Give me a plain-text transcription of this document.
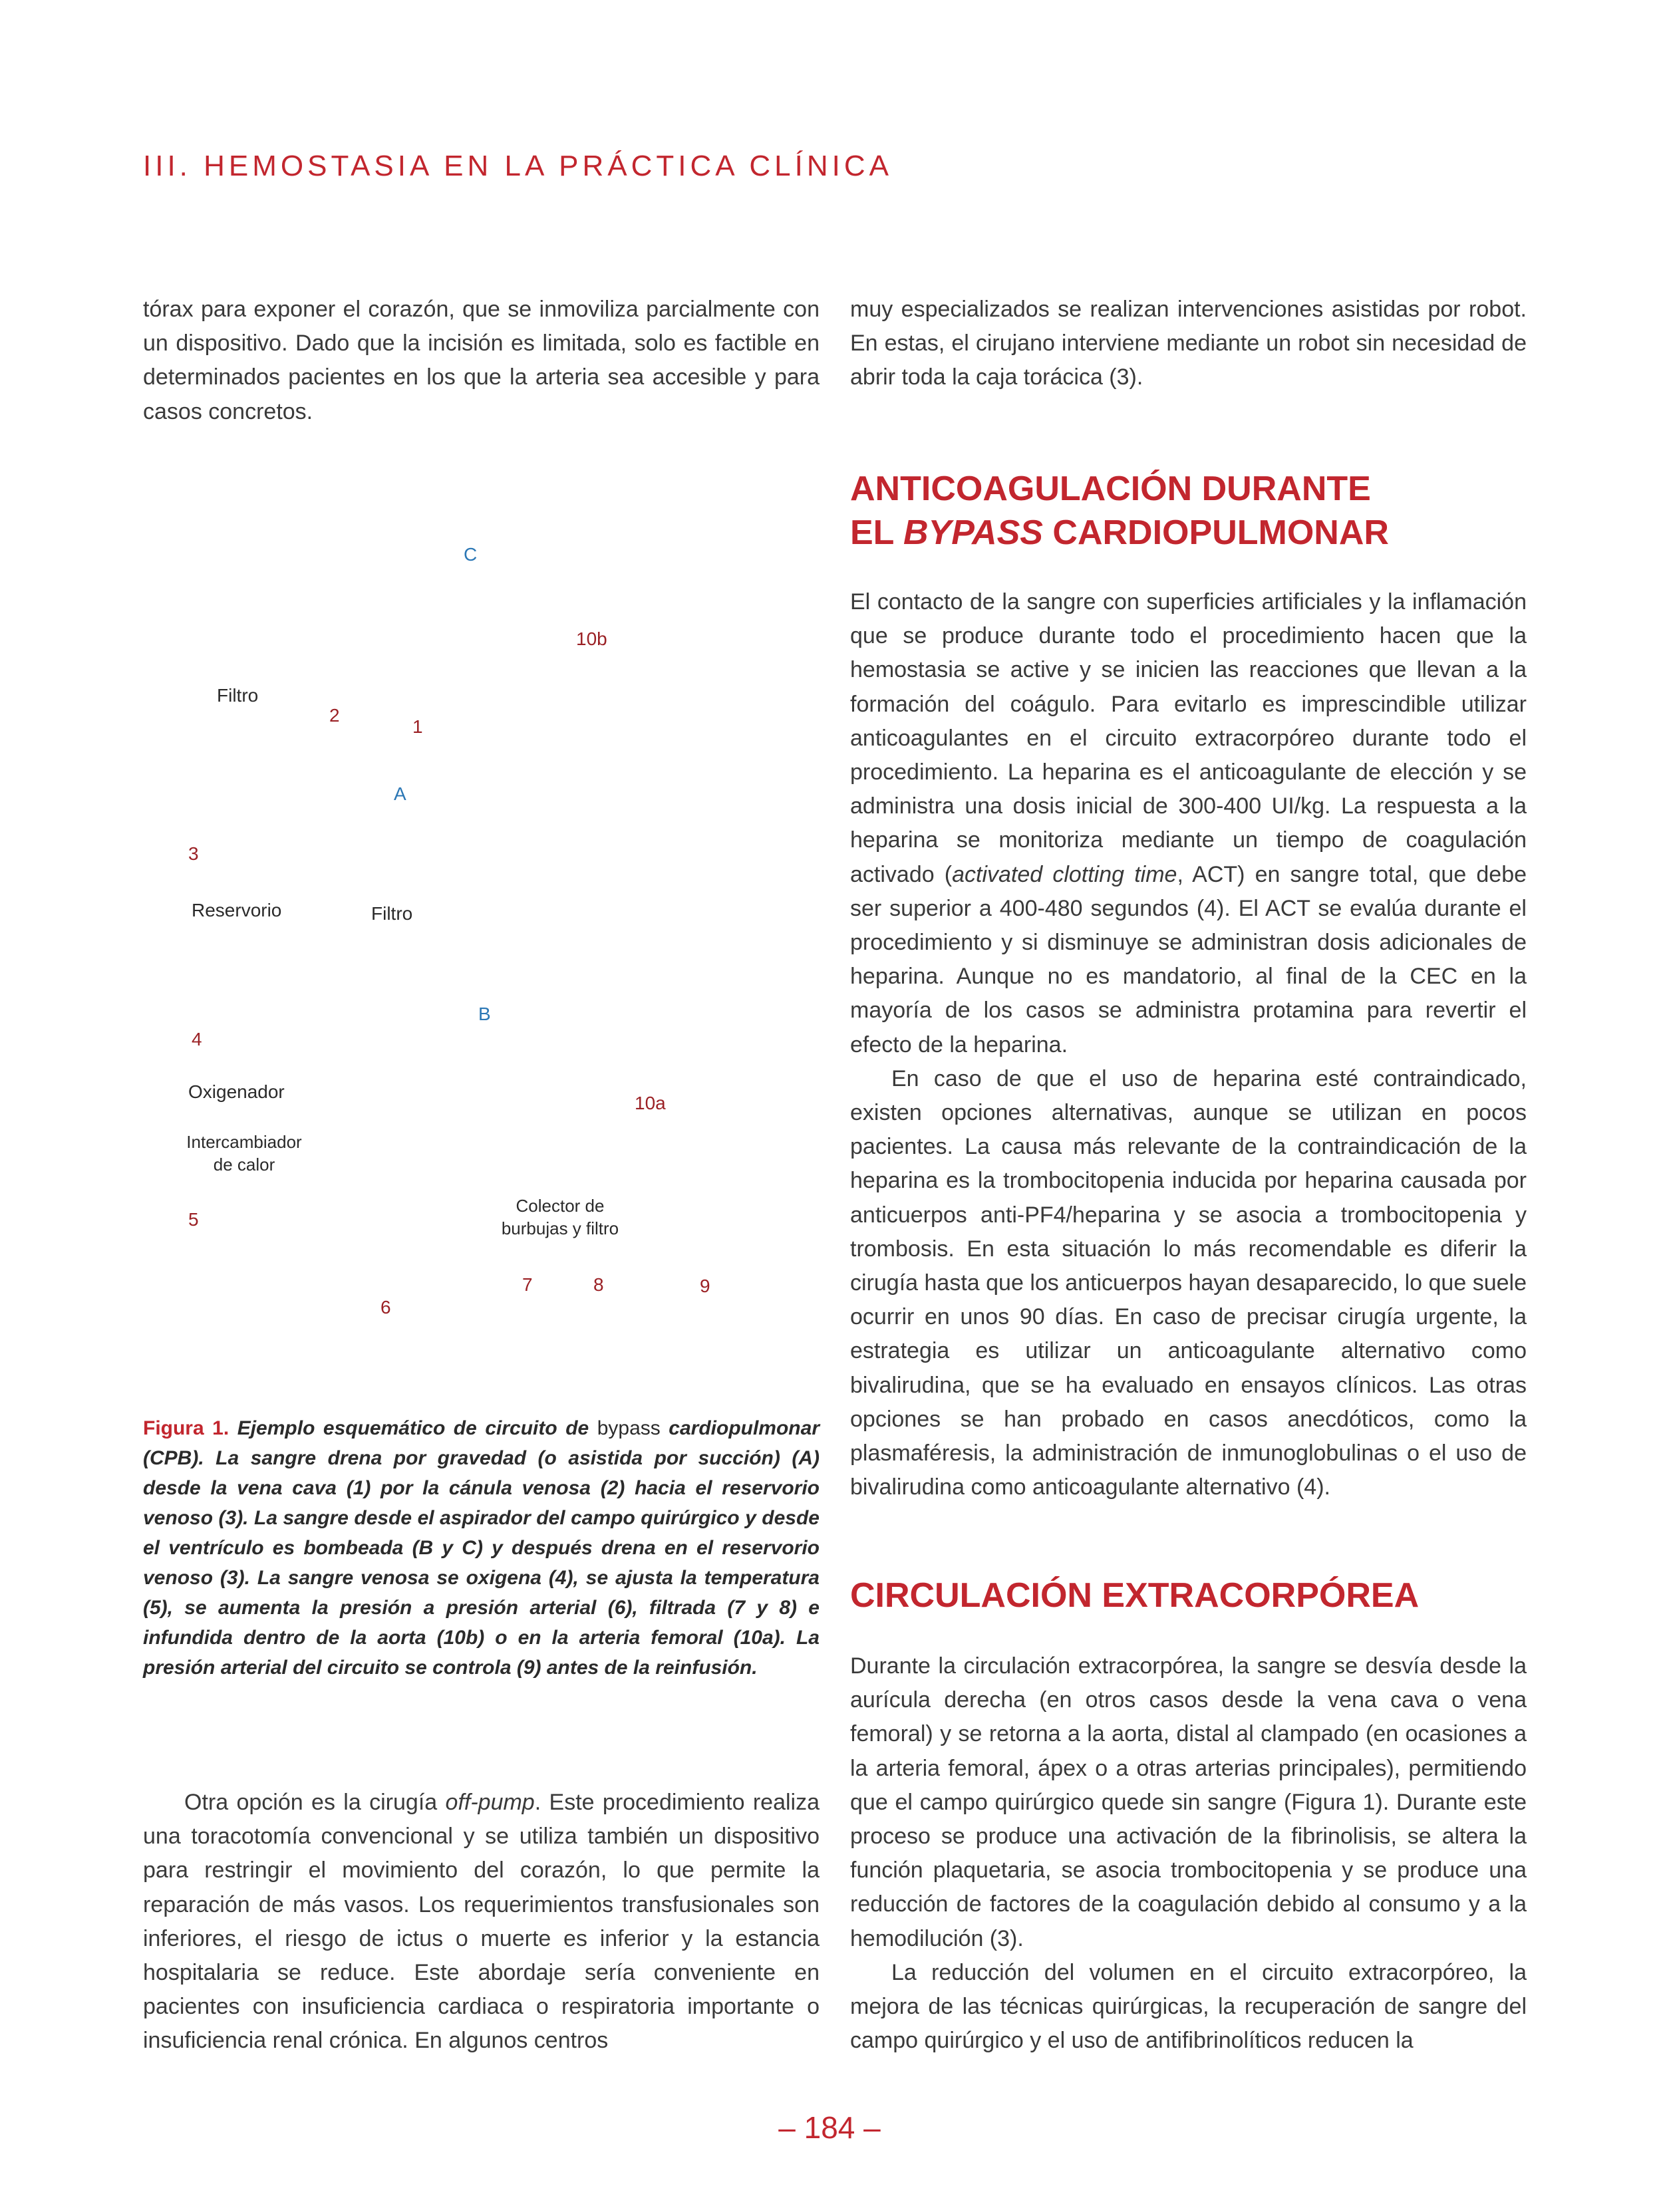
III. HEMOSTASIA EN LA PRÁCTICA CLÍNICA

tórax para exponer el corazón, que se inmoviliza parcialmente con un dispositivo. Dado que la incisión es limitada, solo es factible en determinados pacientes en los que la arteria sea accesible y para casos concretos.

C
10b
Filtro
2
1
A
3
Reservorio	Filtro
B
4
Oxigenador
10a
Intercambiador
de calor
Colector de
burbujas y filtro
5
7	8	9
6

Figura 1. Ejemplo esquemático de circuito de bypass cardiopulmonar (CPB). La sangre drena por gravedad (o asistida por succión) (A) desde la vena cava (1) por la cánula venosa (2) hacia el reservorio venoso (3). La sangre desde el aspirador del campo quirúrgico y desde el ventrículo es bombeada (B y C) y después drena en el reservorio venoso (3). La sangre venosa se oxigena (4), se ajusta la temperatura (5), se aumenta la presión a presión arterial (6), filtrada (7 y 8) e infundida dentro de la aorta (10b) o en la arteria femoral (10a). La presión arterial del circuito se controla (9) antes de la reinfusión.

Otra opción es la cirugía off-pump. Este procedimiento realiza una toracotomía convencional y se utiliza también un dispositivo para restringir el movimiento del corazón, lo que permite la reparación de más vasos. Los requerimientos transfusionales son inferiores, el riesgo de ictus o muerte es inferior y la estancia hospitalaria se reduce. Este abordaje sería conveniente en pacientes con insuficiencia cardiaca o respiratoria importante o insuficiencia renal crónica. En algunos centros

muy especializados se realizan intervenciones asistidas por robot. En estas, el cirujano interviene mediante un robot sin necesidad de abrir toda la caja torácica (3).

ANTICOAGULACIÓN DURANTE
EL BYPASS CARDIOPULMONAR

El contacto de la sangre con superficies artificiales y la inflamación que se produce durante todo el procedimiento hacen que la hemostasia se active y se inicien las reacciones que llevan a la formación del coágulo. Para evitarlo es imprescindible utilizar anticoagulantes en el circuito extracorpóreo durante todo el procedimiento. La heparina es el anticoagulante de elección y se administra una dosis inicial de 300-400 UI/kg. La respuesta a la heparina se monitoriza mediante un tiempo de coagulación activado (activated clotting time, ACT) en sangre total, que debe ser superior a 400-480 segundos (4). El ACT se evalúa durante el procedimiento y si disminuye se administran dosis adicionales de heparina. Aunque no es mandatorio, al final de la CEC en la mayoría de los casos se administra protamina para revertir el efecto de la heparina.

En caso de que el uso de heparina esté contraindicado, existen opciones alternativas, aunque se utilizan en pocos pacientes. La causa más relevante de la contraindicación de la heparina es la trombocitopenia inducida por heparina causada por anticuerpos anti-PF4/heparina y se asocia a trombocitopenia y trombosis. En esta situación lo más recomendable es diferir la cirugía hasta que los anticuerpos hayan desaparecido, lo que suele ocurrir en unos 90 días. En caso de precisar cirugía urgente, la estrategia es utilizar un anticoagulante alternativo como bivalirudina, que se ha evaluado en ensayos clínicos. Las otras opciones se han probado en casos anecdóticos, como la plasmaféresis, la administración de inmunoglobulinas o el uso de bivalirudina como anticoagulante alternativo (4).

CIRCULACIÓN EXTRACORPÓREA

Durante la circulación extracorpórea, la sangre se desvía desde la aurícula derecha (en otros casos desde la vena cava o vena femoral) y se retorna a la aorta, distal al clampado (en ocasiones a la arteria femoral, ápex o a otras arterias principales), permitiendo que el campo quirúrgico quede sin sangre (Figura 1). Durante este proceso se produce una activación de la fibrinolisis, se altera la función plaquetaria, se asocia trombocitopenia y se produce una reducción de factores de la coagulación debido al consumo y a la hemodilución (3).

La reducción del volumen en el circuito extracorpóreo, la mejora de las técnicas quirúrgicas, la recuperación de sangre del campo quirúrgico y el uso de antifibrinolíticos reducen la

– 184 –
